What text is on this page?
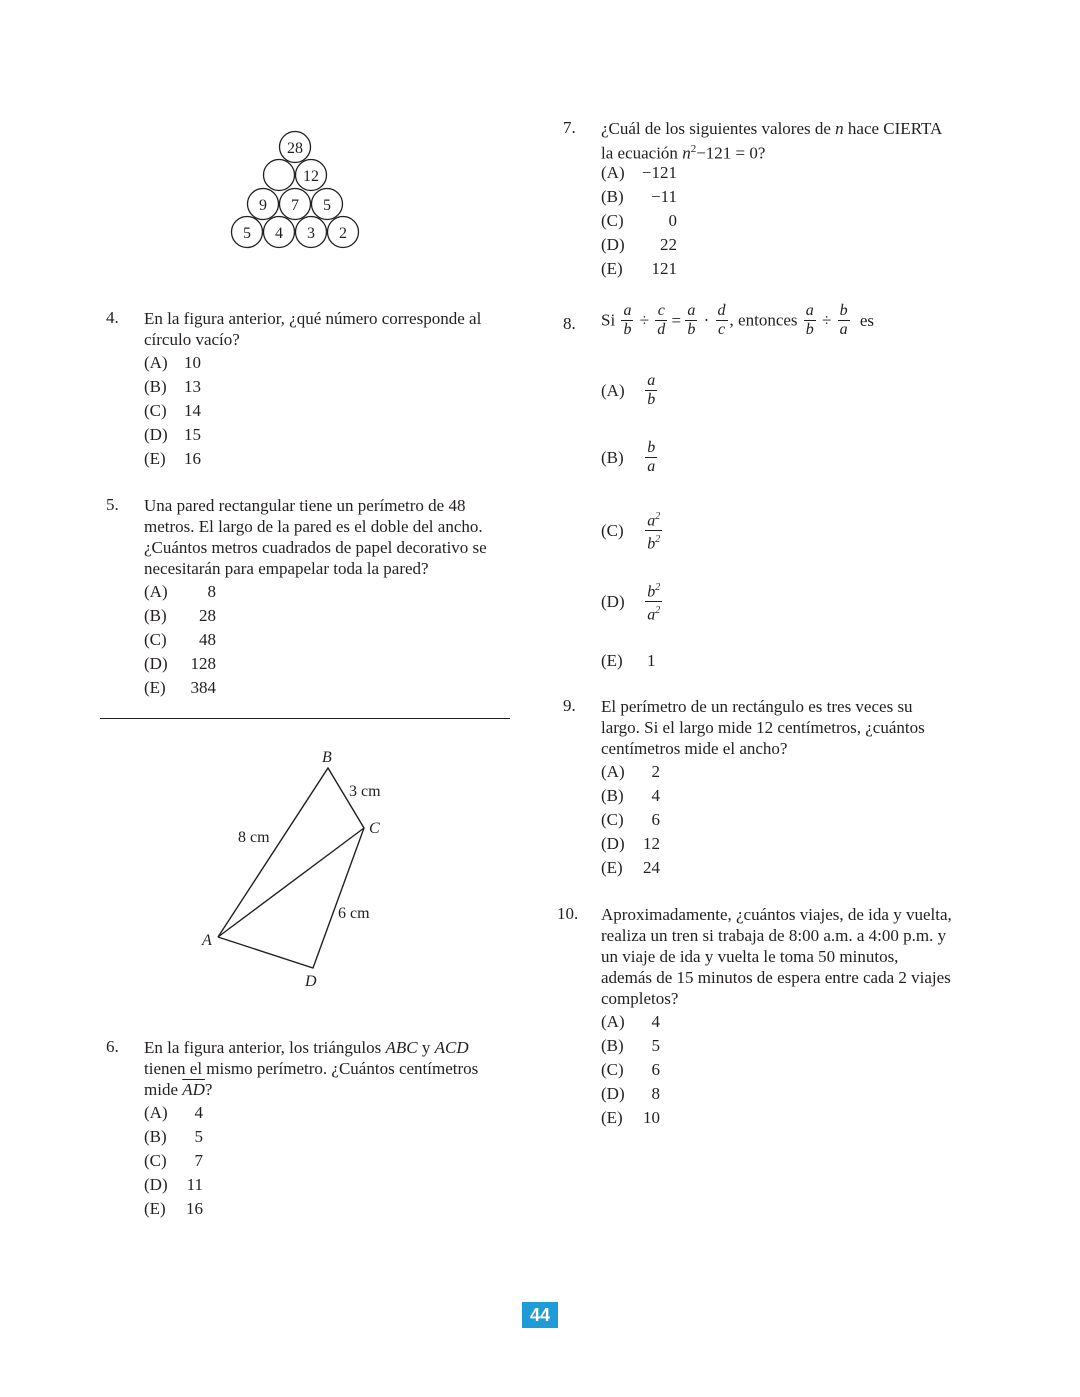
28
12
9 7 5
5 4 3 2
4. En la figura anterior, ¿qué número corresponde al
círculo vacío?
(A) 10
(B) 13
(C) 14
(D) 15
(E) 16
5. Una pared rectangular tiene un perímetro de 48
metros. El largo de la pared es el doble del ancho.
¿Cuántos metros cuadrados de papel decorativo se
necesitarán para empapelar toda la pared?
(A) 8
(B) 28
(C) 48
(D) 128
(E) 384
B
C
A
D
3 cm
8 cm
6 cm
6. En la figura anterior, los triángulos ABC y ACD
tienen el mismo perímetro. ¿Cuántos centímetros
mide $\overline{AD}$?
(A) 4
(B) 5
(C) 7
(D) 11
(E) 16
7. ¿Cuál de los siguientes valores de n hace CIERTA
la ecuación $n^2-121 = 0$?
(A) −121
(B) −11
(C)	0
(D) 22
(E) 121
8. Si $\frac{a}{b} \div \frac{c}{d} = \frac{a}{b} \cdot \frac{d}{c}$ , entonces $\frac{a}{b} \div \frac{b}{a}$ es
$(A) \frac{a}{b}$
$(B) \frac{b}{a}$
$(C) \frac{a^2}{b^2}$
$(D) \frac{b^2}{a^2}$
(E) 1
9. El perímetro de un rectángulo es tres veces su
largo. Si el largo mide 12 centímetros, ¿cuántos
centímetros mide el ancho?
(A) 2
(B) 4
(C) 6
(D) 12
(E) 24
10. Aproximadamente, ¿cuántos viajes, de ida y vuelta,
realiza un tren si trabaja de 8:00 a.m. a 4:00 p.m. y
un viaje de ida y vuelta le toma 50 minutos,
además de 15 minutos de espera entre cada 2 viajes
completos?
(A) 4
(B) 5
(C) 6
(D) 8
(E) 10
44
